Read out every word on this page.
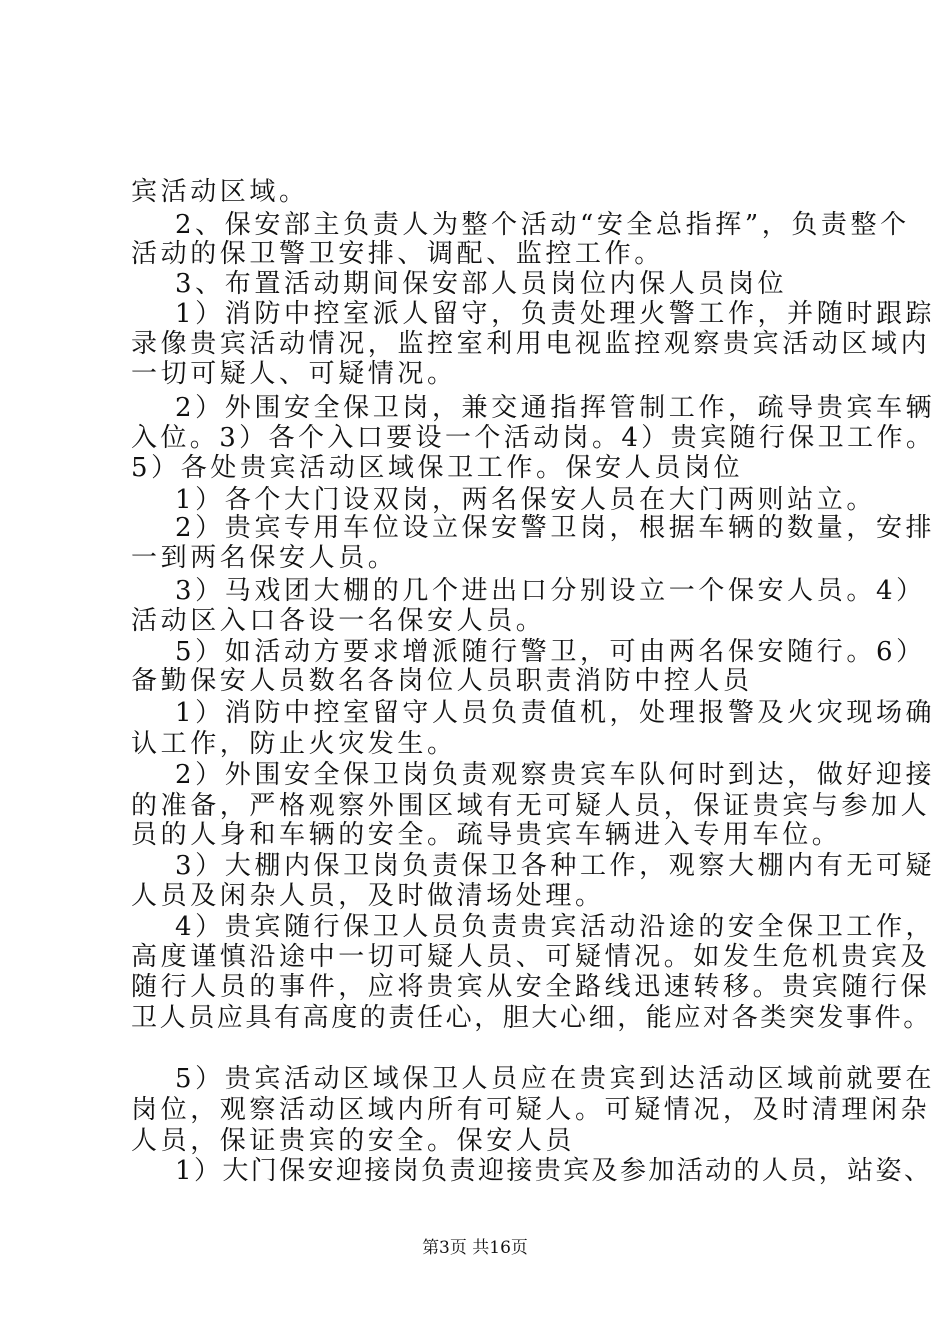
宾活动区域。

2、保安部主负责人为整个活动“安全总指挥”，负责整个

活动的保卫警卫安排、调配、监控工作。

3、布置活动期间保安部人员岗位内保人员岗位

1）消防中控室派人留守，负责处理火警工作，并随时跟踪

录像贵宾活动情况，监控室利用电视监控观察贵宾活动区域内

一切可疑人、可疑情况。

2）外围安全保卫岗，兼交通指挥管制工作，疏导贵宾车辆

入位。3）各个入口要设一个活动岗。4）贵宾随行保卫工作。

5）各处贵宾活动区域保卫工作。保安人员岗位

1）各个大门设双岗，两名保安人员在大门两则站立。

2）贵宾专用车位设立保安警卫岗，根据车辆的数量，安排

一到两名保安人员。

3）马戏团大棚的几个进出口分别设立一个保安人员。4）

活动区入口各设一名保安人员。

5）如活动方要求增派随行警卫，可由两名保安随行。6）

备勤保安人员数名各岗位人员职责消防中控人员

1）消防中控室留守人员负责值机，处理报警及火灾现场确

认工作，防止火灾发生。

2）外围安全保卫岗负责观察贵宾车队何时到达，做好迎接

的准备，严格观察外围区域有无可疑人员，保证贵宾与参加人

员的人身和车辆的安全。疏导贵宾车辆进入专用车位。

3）大棚内保卫岗负责保卫各种工作，观察大棚内有无可疑

人员及闲杂人员，及时做清场处理。

4）贵宾随行保卫人员负责贵宾活动沿途的安全保卫工作，

高度谨慎沿途中一切可疑人员、可疑情况。如发生危机贵宾及

随行人员的事件，应将贵宾从安全路线迅速转移。贵宾随行保

卫人员应具有高度的责任心，胆大心细，能应对各类突发事件。

5）贵宾活动区域保卫人员应在贵宾到达活动区域前就要在

岗位，观察活动区域内所有可疑人。可疑情况，及时清理闲杂

人员，保证贵宾的安全。保安人员

1）大门保安迎接岗负责迎接贵宾及参加活动的人员，站姿、

第3页 共16页
